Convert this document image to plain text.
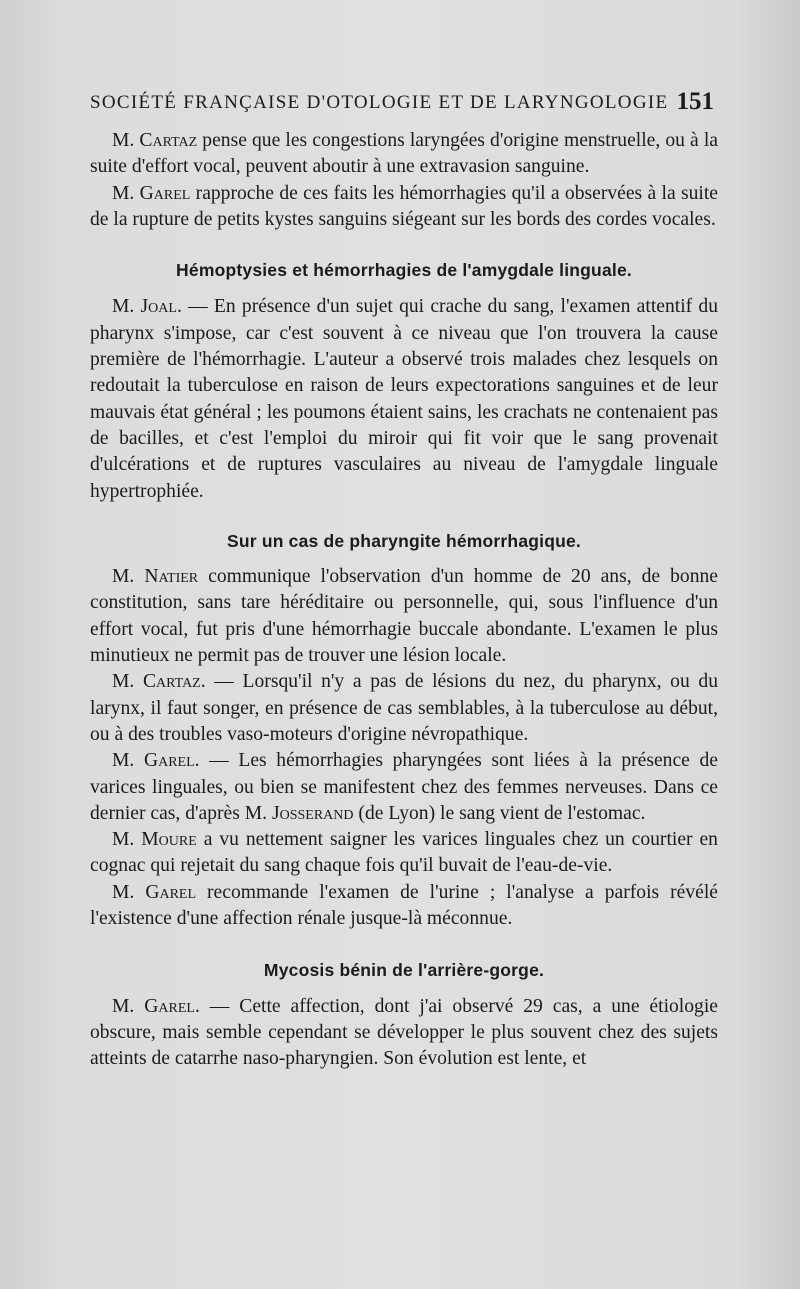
SOCIÉTÉ FRANÇAISE D'OTOLOGIE ET DE LARYNGOLOGIE 151

M. Cartaz pense que les congestions laryngées d'origine menstruelle, ou à la suite d'effort vocal, peuvent aboutir à une extravasion sanguine.

M. Garel rapproche de ces faits les hémorrhagies qu'il a observées à la suite de la rupture de petits kystes sanguins siégeant sur les bords des cordes vocales.

Hémoptysies et hémorrhagies de l'amygdale linguale.

M. Joal. — En présence d'un sujet qui crache du sang, l'examen attentif du pharynx s'impose, car c'est souvent à ce niveau que l'on trouvera la cause première de l'hémorrhagie. L'auteur a observé trois malades chez lesquels on redoutait la tuberculose en raison de leurs expectorations sanguines et de leur mauvais état général ; les poumons étaient sains, les crachats ne contenaient pas de bacilles, et c'est l'emploi du miroir qui fit voir que le sang provenait d'ulcérations et de ruptures vasculaires au niveau de l'amygdale linguale hypertrophiée.

Sur un cas de pharyngite hémorrhagique.

M. Natier communique l'observation d'un homme de 20 ans, de bonne constitution, sans tare héréditaire ou personnelle, qui, sous l'influence d'un effort vocal, fut pris d'une hémorrhagie buccale abondante. L'examen le plus minutieux ne permit pas de trouver une lésion locale.

M. Cartaz. — Lorsqu'il n'y a pas de lésions du nez, du pharynx, ou du larynx, il faut songer, en présence de cas semblables, à la tuberculose au début, ou à des troubles vaso-moteurs d'origine névropathique.

M. Garel. — Les hémorrhagies pharyngées sont liées à la présence de varices linguales, ou bien se manifestent chez des femmes nerveuses. Dans ce dernier cas, d'après M. Josserand (de Lyon) le sang vient de l'estomac.

M. Moure a vu nettement saigner les varices linguales chez un courtier en cognac qui rejetait du sang chaque fois qu'il buvait de l'eau-de-vie.

M. Garel recommande l'examen de l'urine ; l'analyse a parfois révélé l'existence d'une affection rénale jusque-là méconnue.

Mycosis bénin de l'arrière-gorge.

M. Garel. — Cette affection, dont j'ai observé 29 cas, a une étiologie obscure, mais semble cependant se développer le plus souvent chez des sujets atteints de catarrhe naso-pharyngien. Son évolution est lente, et
